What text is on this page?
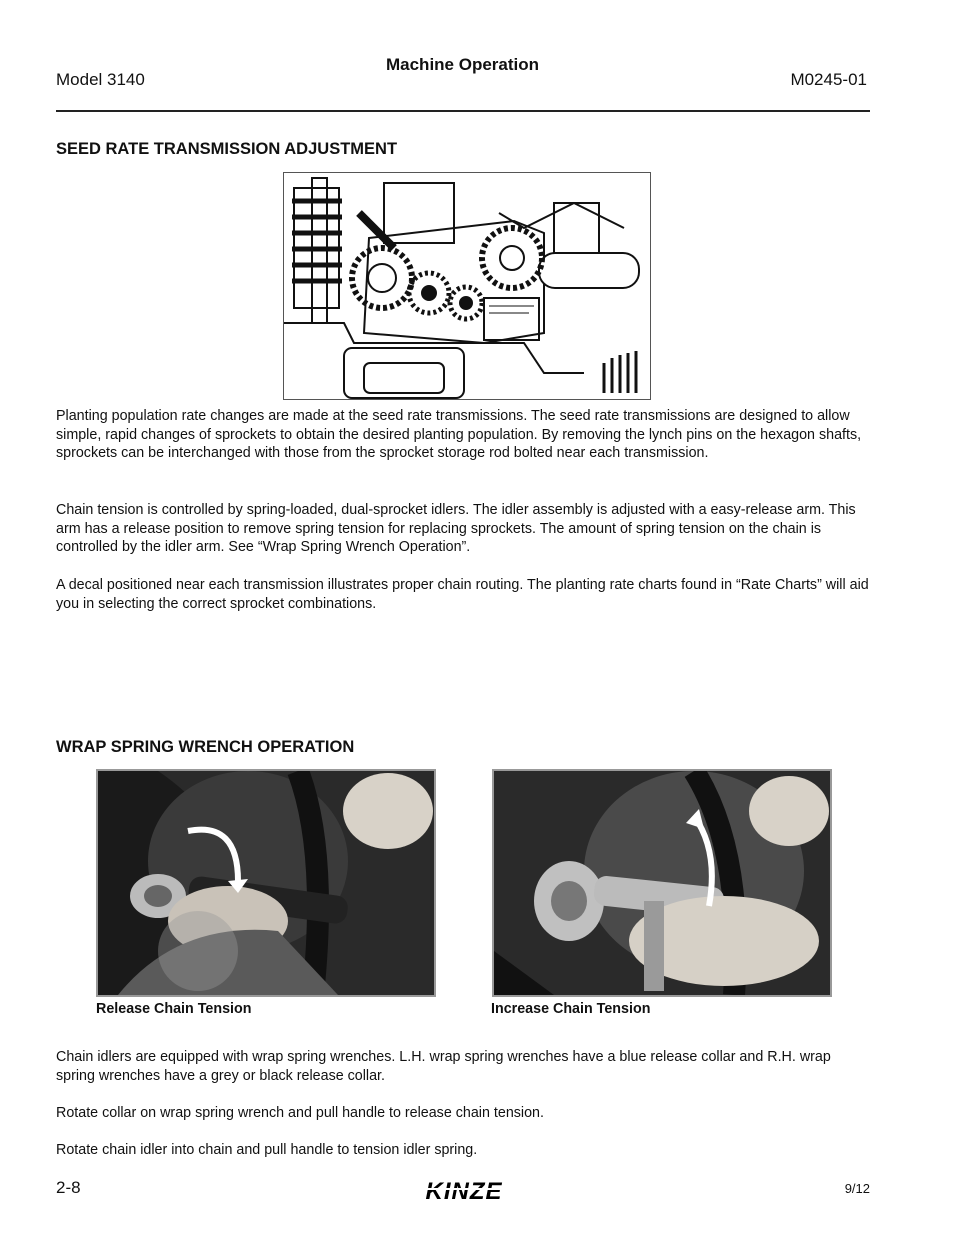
Model 3140
Machine Operation
M0245-01
SEED RATE TRANSMISSION ADJUSTMENT
Planting population rate changes are made at the seed rate transmissions. The seed rate transmissions are designed to allow simple, rapid changes of sprockets to obtain the desired planting population. By removing the lynch pins on the hexagon shafts, sprockets can be interchanged with those from the sprocket storage rod bolted near each transmission.
Chain tension is controlled by spring-loaded, dual-sprocket idlers. The idler assembly is adjusted with a easy-release arm. This arm has a release position to remove spring tension for replacing sprockets. The amount of spring tension on the chain is controlled by the idler arm. See “Wrap Spring Wrench Operation”.
A decal positioned near each transmission illustrates proper chain routing. The planting rate charts found in “Rate Charts” will aid you in selecting the correct sprocket combinations.
WRAP SPRING WRENCH OPERATION
Release Chain Tension	Increase Chain Tension
Chain idlers are equipped with wrap spring wrenches. L.H. wrap spring wrenches have a blue release collar and R.H. wrap spring wrenches have a grey or black release collar.
Rotate collar on wrap spring wrench and pull handle to release chain tension.
Rotate chain idler into chain and pull handle to tension idler spring.
2-8	KINZE	9/12
